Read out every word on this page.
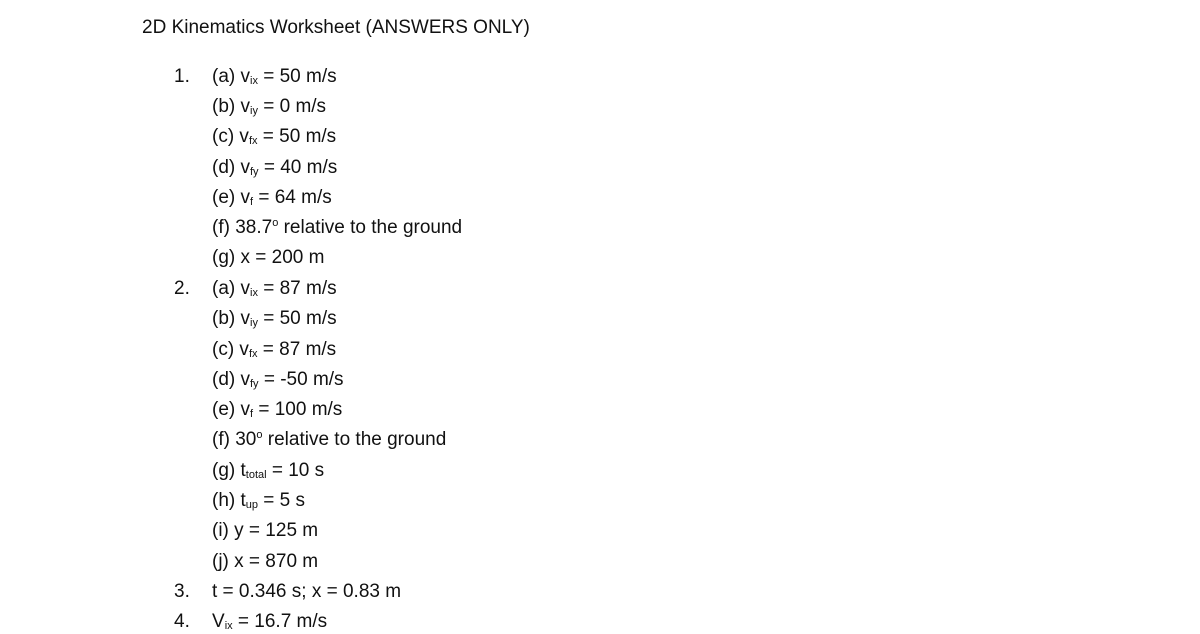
2D Kinematics Worksheet (ANSWERS ONLY)
1. (a) $v_{ix} = 50$ m/s
(b) $v_{iy} = 0$ m/s
(c) $v_{fx} = 50$ m/s
(d) $v_{fy} = 40$ m/s
(e) $v_f = 64$ m/s
(f) 38.7$^o$ relative to the ground
(g) x = 200 m
2. (a) $v_{ix} = 87$ m/s
(b) $v_{iy} = 50$ m/s
(c) $v_{fx} = 87$ m/s
(d) $v_{fy} = -50$ m/s
(e) $v_f = 100$ m/s
(f) 30$^o$ relative to the ground
(g) $t_{total} = 10$ s
(h) $t_{up} = 5$ s
(i) y = 125 m
(j) x = 870 m
3. t = 0.346 s; x = 0.83 m
4. $V_{ix} = 16.7$ m/s
